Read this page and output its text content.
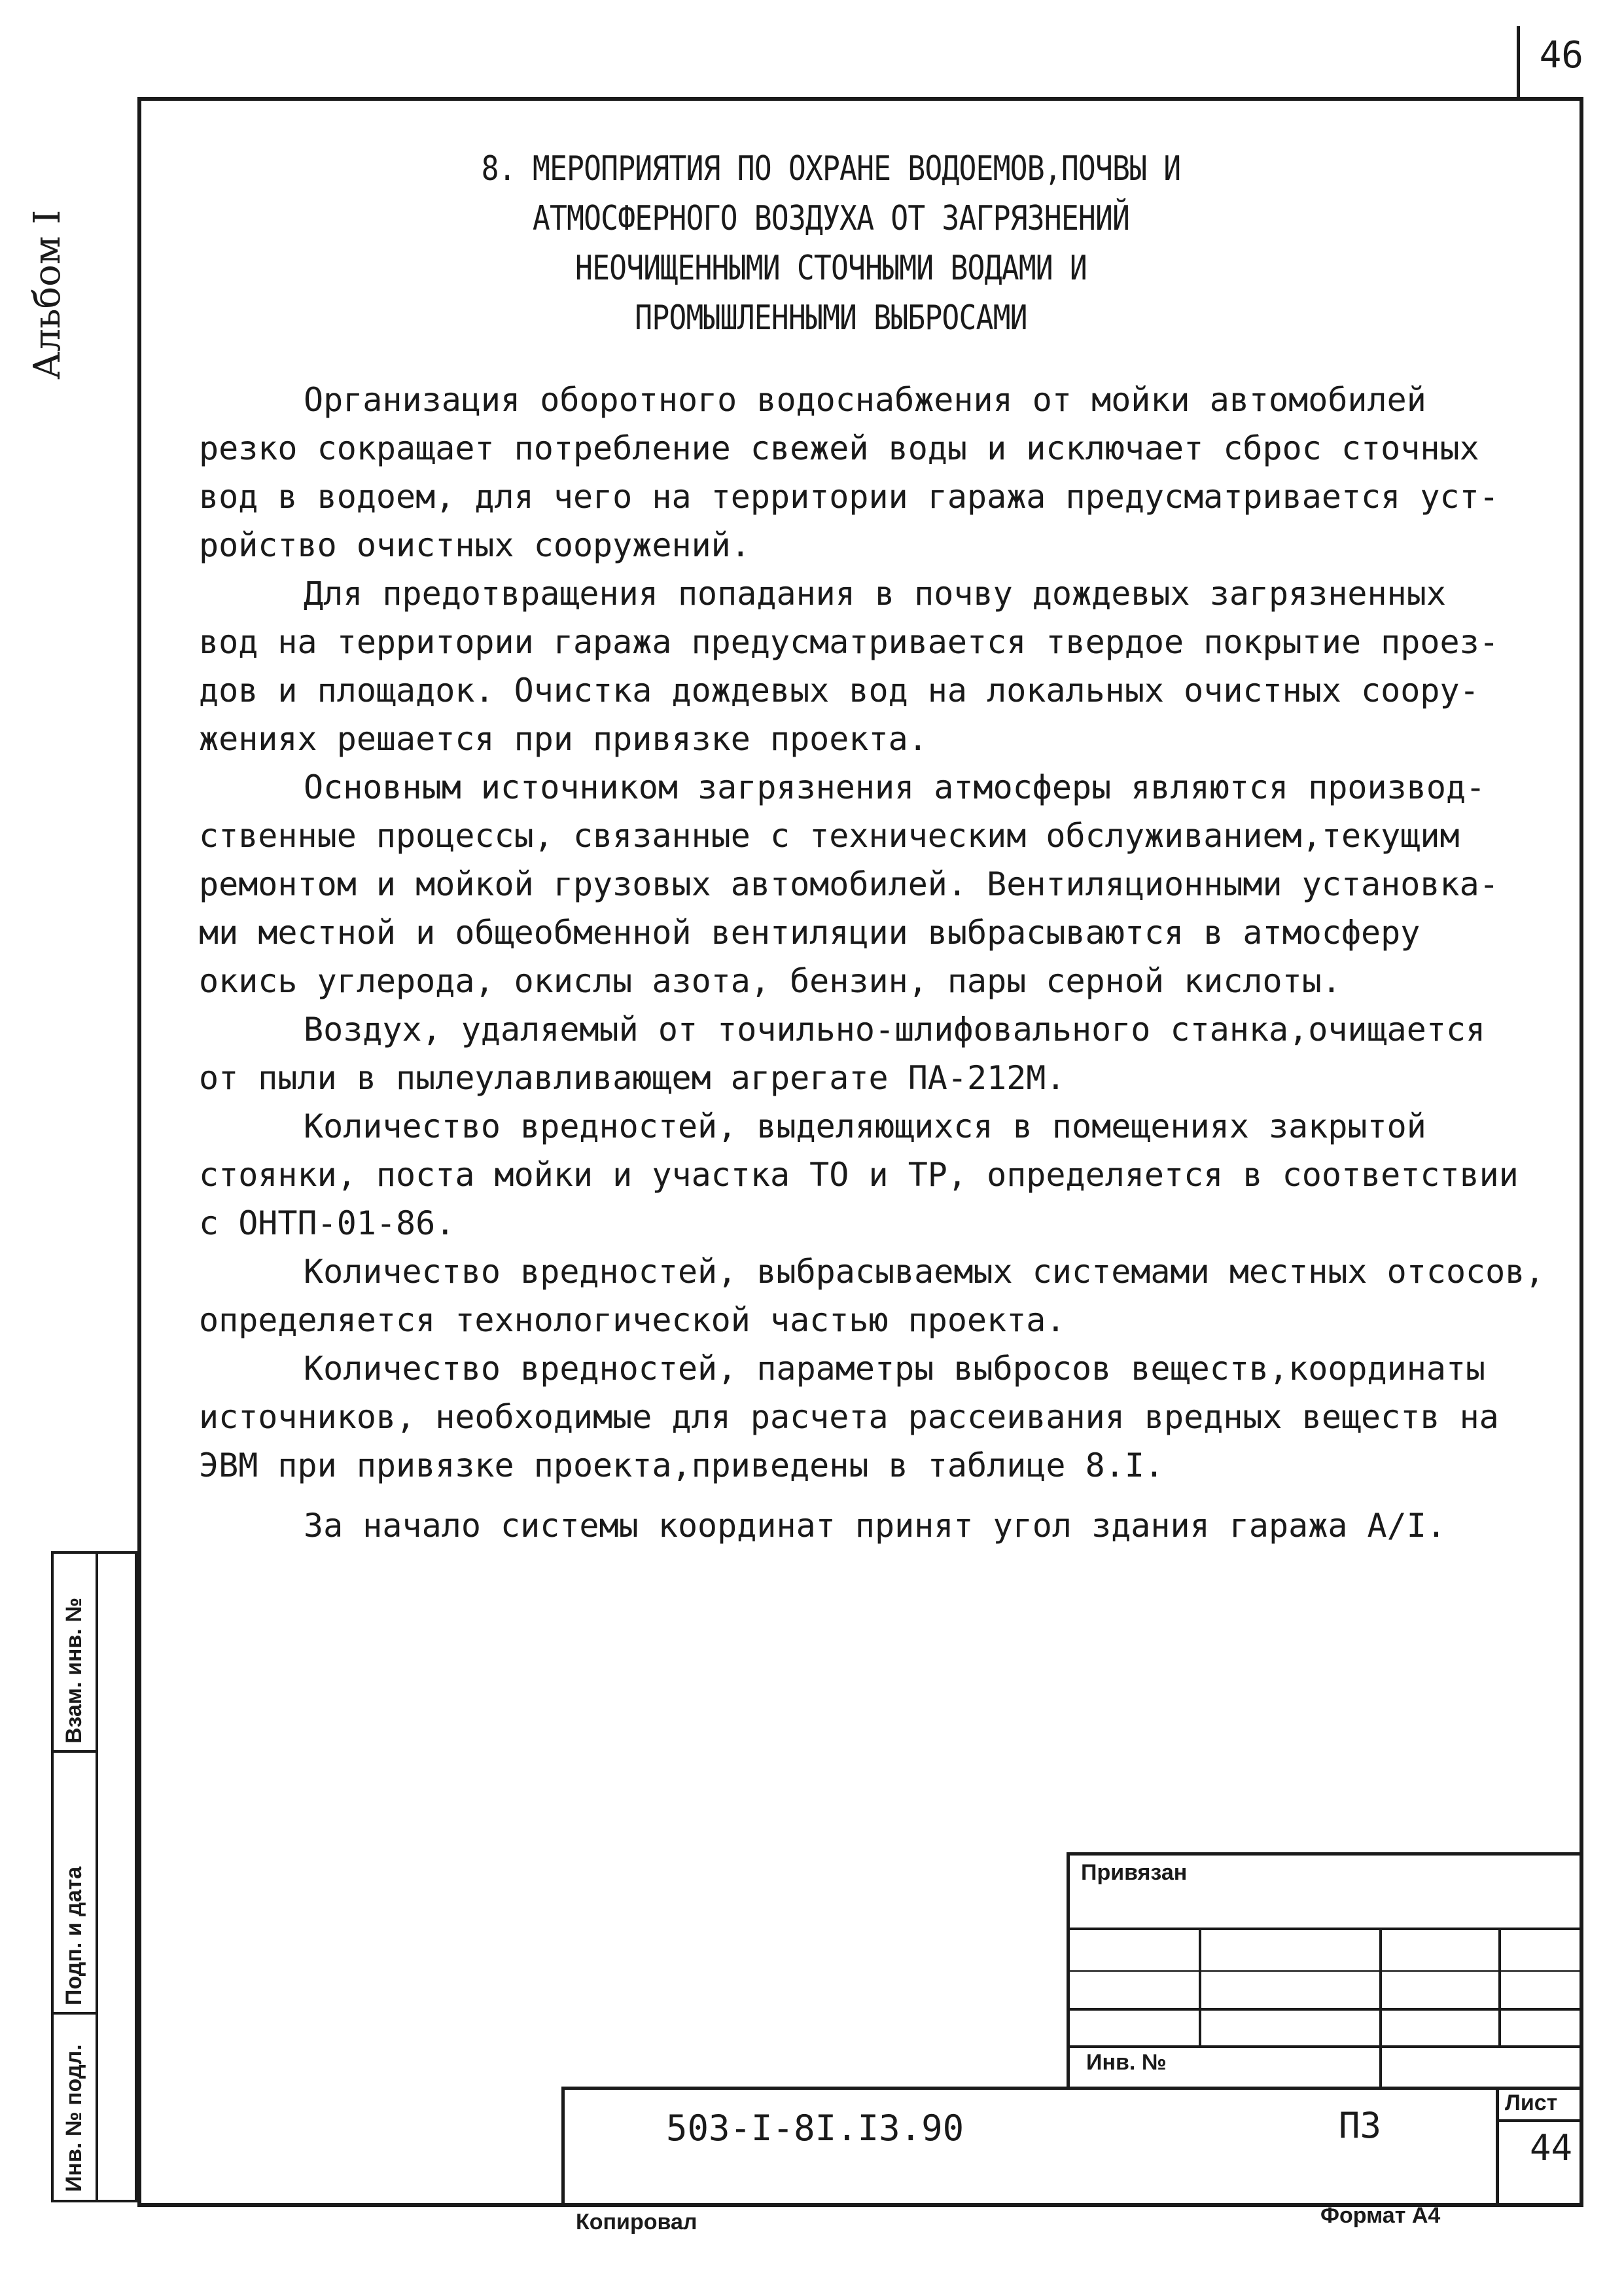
46
Альбом I
8. МЕРОПРИЯТИЯ ПО ОХРАНЕ ВОДОЕМОВ,ПОЧВЫ И
АТМОСФЕРНОГО ВОЗДУХА ОТ ЗАГРЯЗНЕНИЙ
НЕОЧИЩЕННЫМИ СТОЧНЫМИ ВОДАМИ И
ПРОМЫШЛЕННЫМИ ВЫБРОСАМИ

Организация оборотного водоснабжения от мойки автомобилей
резко сокращает потребление свежей воды и исключает сброс сточных
вод в водоем, для чего на территории гаража предусматривается уст-
ройство очистных сооружений.

Для предотвращения попадания в почву дождевых загрязненных
вод на территории гаража предусматривается твердое покрытие проез-
дов и площадок. Очистка дождевых вод на локальных очистных соору-
жениях решается при привязке проекта.

Основным источником загрязнения атмосферы являются производ-
ственные процессы, связанные с техническим обслуживанием,текущим
ремонтом и мойкой грузовых автомобилей. Вентиляционными установка-
ми местной и общеобменной вентиляции выбрасываются в атмосферу
окись углерода, окислы азота, бензин, пары серной кислоты.

Воздух, удаляемый от точильно-шлифовального станка,очищается
от пыли в пылеулавливающем агрегате ПА-212М.

Количество вредностей, выделяющихся в помещениях закрытой
стоянки, поста мойки и участка ТО и ТР, определяется в соответствии
с ОНТП-01-86.

Количество вредностей, выбрасываемых системами местных отсосов,
определяется технологической частью проекта.

Количество вредностей, параметры выбросов веществ,координаты
источников, необходимые для расчета рассеивания вредных веществ на
ЭВМ при привязке проекта,приведены в таблице 8.I.

За начало системы координат принят угол здания гаража А/I.

Взам. инв. №
Подп. и дата
Инв. № подл.
Привязан
Инв. №
Лист
503-I-8I.I3.90	ПЗ
44
Копировал	Формат А4
